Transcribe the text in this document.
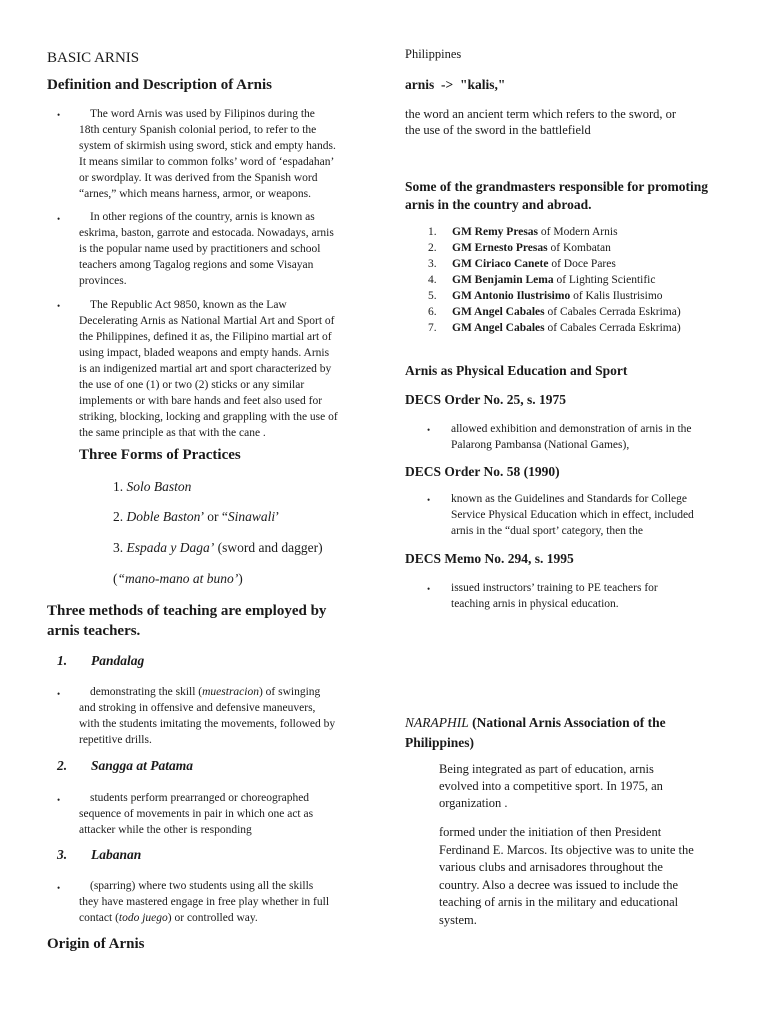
BASIC ARNIS
Definition and Description of Arnis
•	The word Arnis was used by Filipinos during the
18th century Spanish colonial period, to refer to the
system of skirmish using sword, stick and empty hands.
It means similar to common folks’ word of ‘espadahan’
or swordplay. It was derived from the Spanish word
“arnes,” which means harness, armor, or weapons.
•	In other regions of the country, arnis is known as
eskrima, baston, garrote and estocada. Nowadays, arnis
is the popular name used by practitioners and school
teachers among Tagalog regions and some Visayan
provinces.
•	The Republic Act 9850, known as the Law
Decelerating Arnis as National Martial Art and Sport of
the Philippines, defined it as, the Filipino martial art of
using impact, bladed weapons and empty hands. Arnis
is an indigenized martial art and sport characterized by
the use of one (1) or two (2) sticks or any similar
implements or with bare hands and feet also used for
striking, blocking, locking and grappling with the use of
the same principle as that with the cane .
Three Forms of Practices
1. Solo Baston
2. Doble Baston’ or “Sinawali’
3. Espada y Daga’ (sword and dagger)
(“mano-mano at buno’)
Three methods of teaching are employed by
arnis teachers.
1. Pandalag
•	demonstrating the skill (muestracion) of swinging
and stroking in offensive and defensive maneuvers,
with the students imitating the movements, followed by
repetitive drills.
2. Sangga at Patama
•	students perform prearranged or choreographed
sequence of movements in pair in which one act as
attacker while the other is responding
3. Labanan
•	(sparring) where two students using all the skills
they have mastered engage in free play whether in full
contact (todo juego) or controlled way.
Origin of Arnis
Philippines
arnis  ->  "kalis,"
the word an ancient term which refers to the sword, or
the use of the sword in the battlefield
Some of the grandmasters responsible for promoting
arnis in the country and abroad.
1. GM Remy Presas of Modern Arnis
2. GM Ernesto Presas of Kombatan
3. GM Ciriaco Canete of Doce Pares
4. GM Benjamin Lema of Lighting Scientific
5. GM Antonio Ilustrisimo of Kalis Ilustrisimo
6. GM Angel Cabales of Cabales Cerrada Eskrima)
7. GM Angel Cabales of Cabales Cerrada Eskrima)
Arnis as Physical Education and Sport
DECS Order No. 25, s. 1975
• allowed exhibition and demonstration of arnis in the
Palarong Pambansa (National Games),
DECS Order No. 58 (1990)
• known as the Guidelines and Standards for College
Service Physical Education which in effect, included
arnis in the “dual sport’ category, then the
DECS Memo No. 294, s. 1995
• issued instructors’ training to PE teachers for
teaching arnis in physical education.
NARAPHIL (National Arnis Association of the
Philippines)
Being integrated as part of education, arnis
evolved into a competitive sport. In 1975, an
organization .
formed under the initiation of then President
Ferdinand E. Marcos. Its objective was to unite the
various clubs and arnisadores throughout the
country. Also a decree was issued to include the
teaching of arnis in the military and educational
system.
